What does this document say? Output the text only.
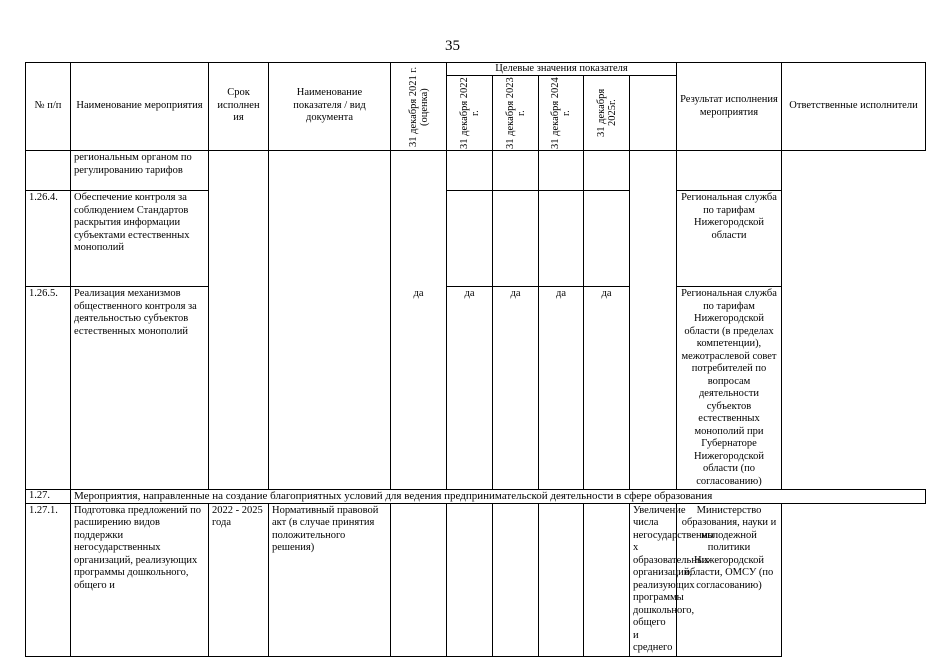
35
№ п/п	Наименование мероприятия	Срок исполнен ия	Наименование показателя / вид документа	31 декабря 2021 г. (оценка)	Целевые значения показателя					Результат исполнения мероприятия	Ответственные исполнители

					31 декабря 2022 г.	31 декабря 2023 г.	31 декабря 2024 г.	31 декабря 2025г.			

	региональным органом по регулированию тарифов										
1.26.4.	Обеспечение контроля за соблюдением Стандартов раскрытия информации субъектами естественных монополий									Региональная служба по тарифам Нижегородской области	
1.26.5.	Реализация механизмов общественного контроля за деятельностью субъектов естественных монополий			да	да	да	да	да		Региональная служба по тарифам Нижегородской области (в пределах компетенции), межотраслевой совет потребителей по вопросам деятельности субъектов естественных монополий при Губернаторе Нижегородской области (по согласованию)	
1.27.	Мероприятия, направленные на создание благоприятных условий для ведения предпринимательской деятельности в сфере образования										
1.27.1.	Подготовка предложений по расширению видов поддержки негосударственных организаций, реализующих программы дошкольного, общего и	2022 - 2025 года	Нормативный правовой акт (в случае принятия положительного решения)						Увеличение числа негосударственны х образовательных организаций, реализующих программы дошкольного, общего и среднего	Министерство образования, науки и молодежной политики Нижегородской области, ОМСУ (по согласованию)	
